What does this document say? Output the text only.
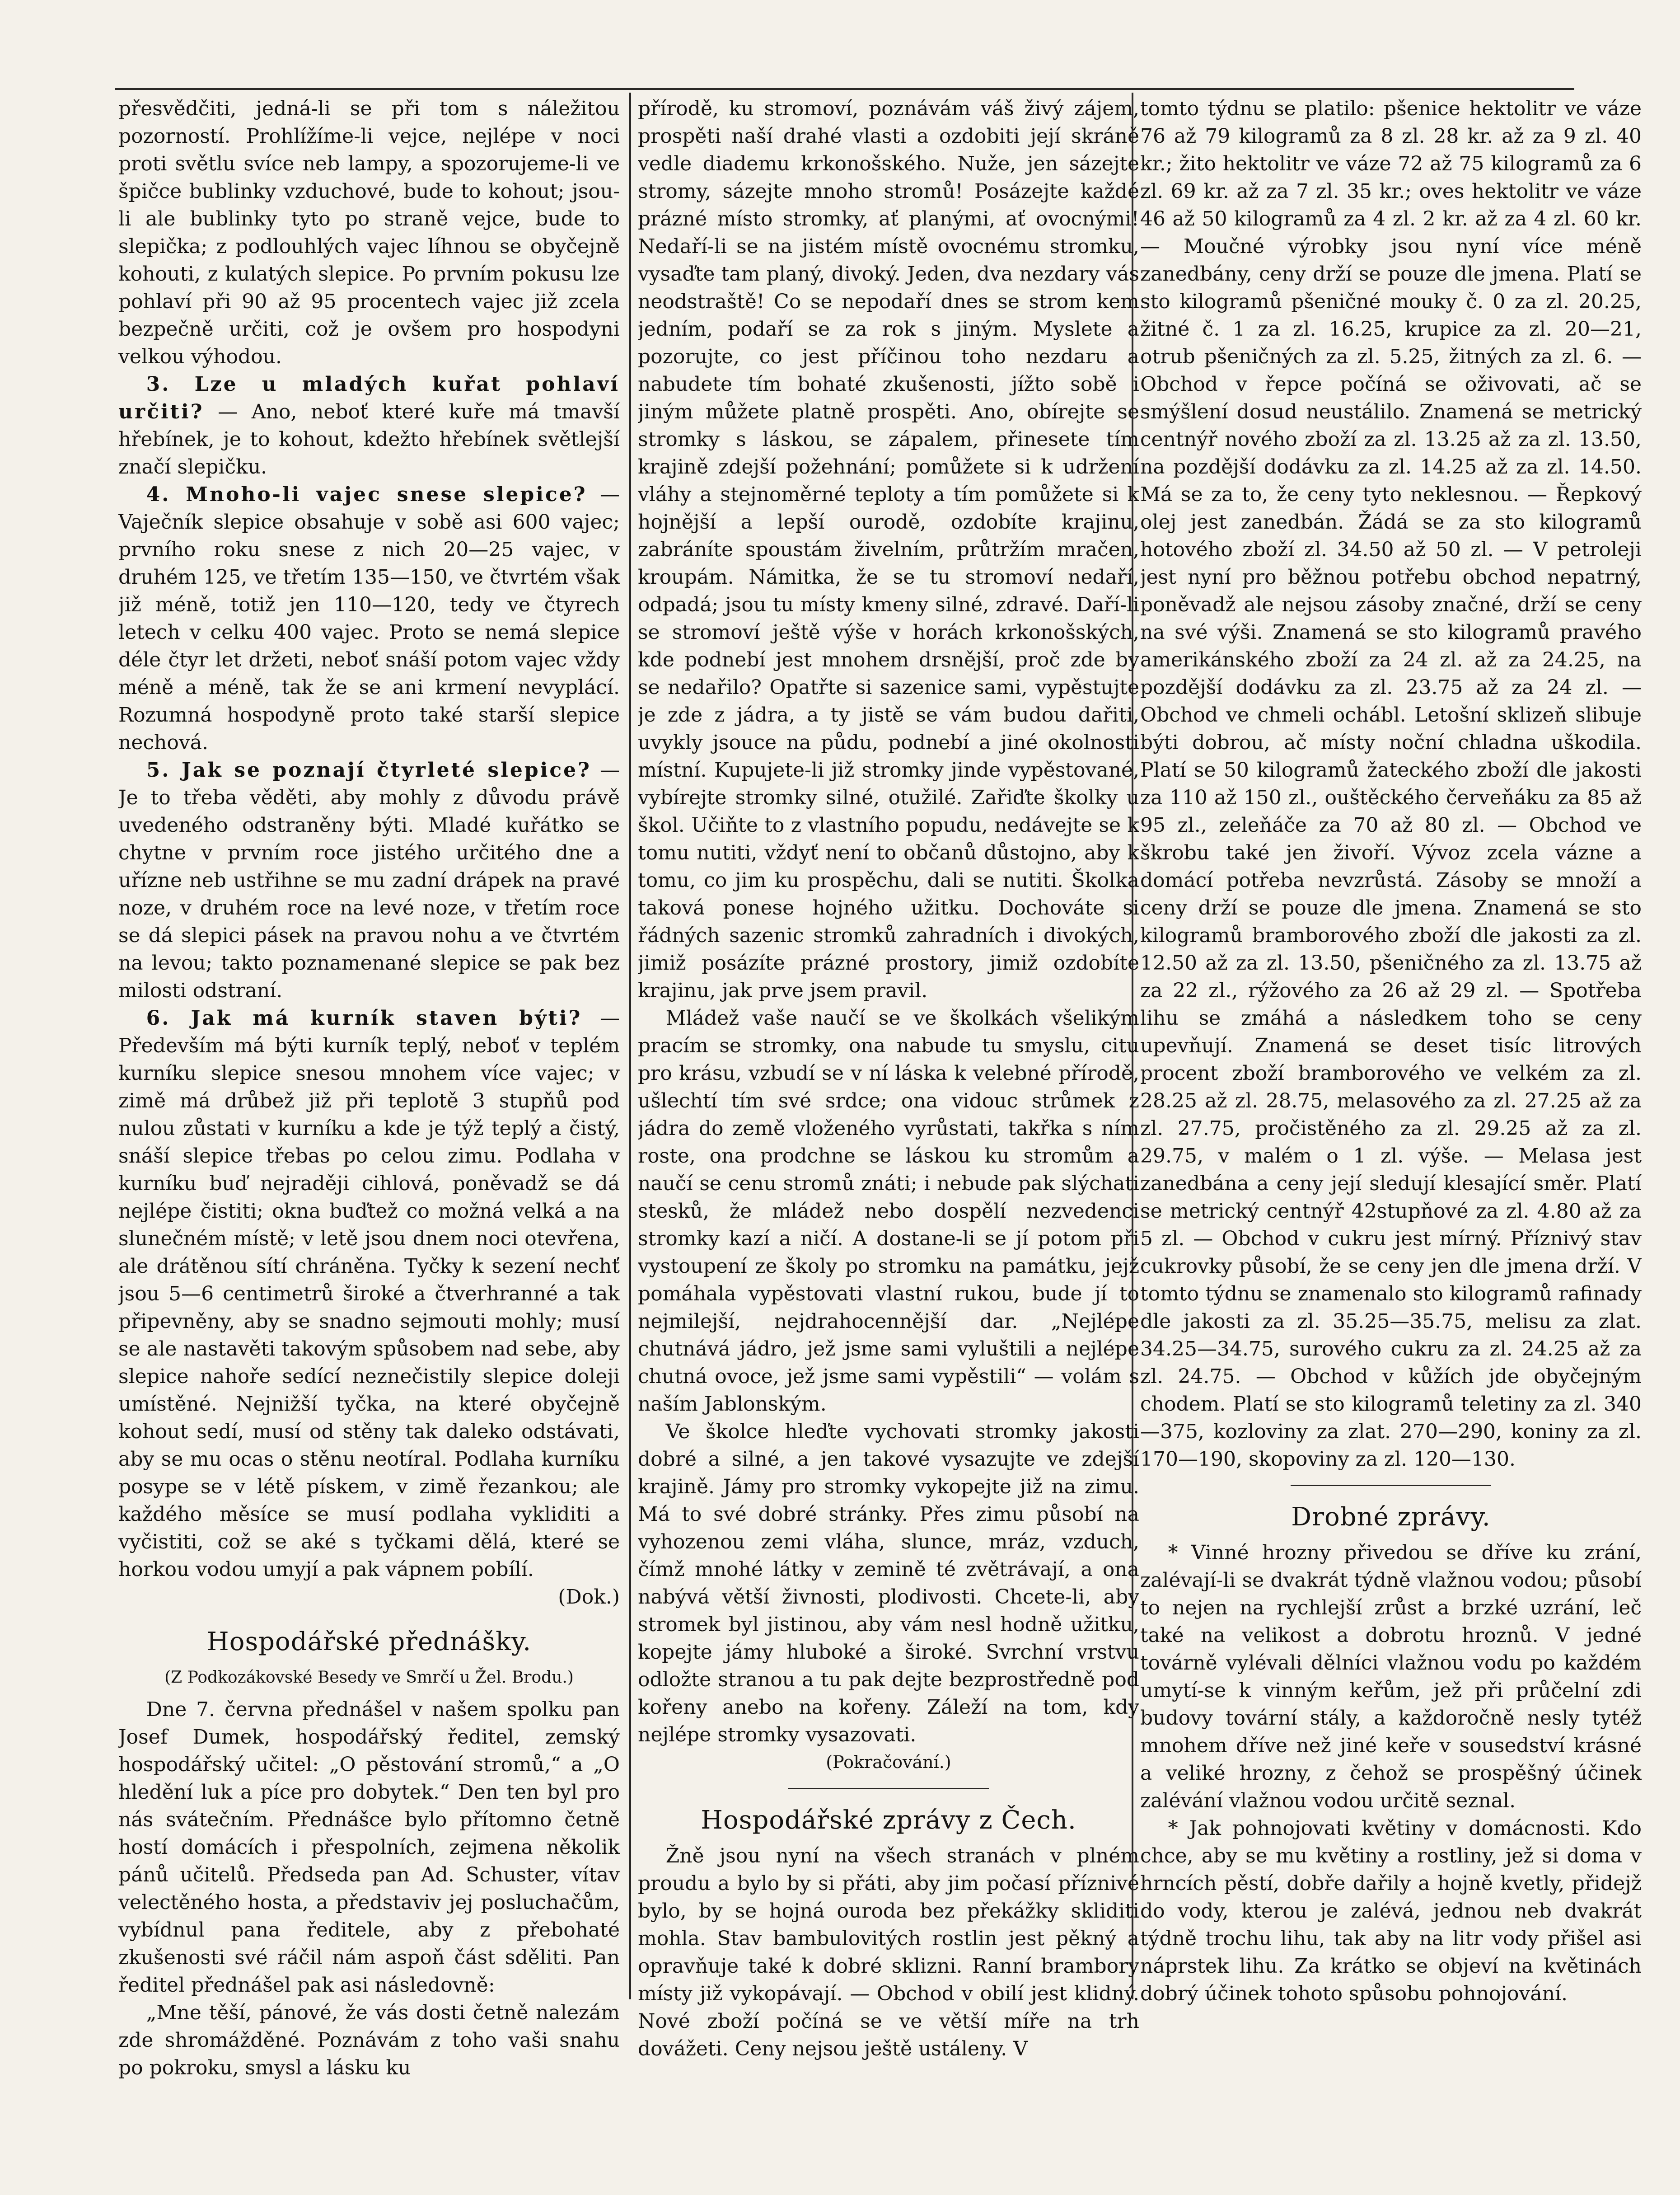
přesvědčiti, jedná-li se při tom s náležitou pozorností. Prohlížíme-li vejce, nejlépe v noci proti světlu svíce neb lampy, a spozorujeme-li ve špičce bublinky vzduchové, bude to kohout; jsou-li ale bublinky tyto po straně vejce, bude to slepička; z podlouhlých vajec líhnou se obyčejně kohouti, z kulatých slepice. Po prvním pokusu lze pohlaví při 90 až 95 procentech vajec již zcela bezpečně určiti, což je ovšem pro hospodyni velkou výhodou.

3. Lze u mladých kuřat pohlaví určiti? — Ano, neboť které kuře má tmavší hřebínek, je to kohout, kdežto hřebínek světlejší značí slepičku.

4. Mnoho-li vajec snese slepice? — Vaječník slepice obsahuje v sobě asi 600 vajec; prvního roku snese z nich 20—25 vajec, v druhém 125, ve třetím 135—150, ve čtvrtém však již méně, totiž jen 110—120, tedy ve čtyrech letech v celku 400 vajec. Proto se nemá slepice déle čtyr let držeti, neboť snáší potom vajec vždy méně a méně, tak že se ani krmení nevyplácí. Rozumná hospodyně proto také starší slepice nechová.

5. Jak se poznají čtyrleté slepice? — Je to třeba věděti, aby mohly z důvodu právě uvedeného odstraněny býti. Mladé kuřátko se chytne v prvním roce jistého určitého dne a uřízne neb ustřihne se mu zadní drápek na pravé noze, v druhém roce na levé noze, v třetím roce se dá slepici pásek na pravou nohu a ve čtvrtém na levou; takto poznamenané slepice se pak bez milosti odstraní.

6. Jak má kurník staven býti? — Především má býti kurník teplý, neboť v teplém kurníku slepice snesou mnohem více vajec; v zimě má drůbež již při teplotě 3 stupňů pod nulou zůstati v kurníku a kde je týž teplý a čistý, snáší slepice třebas po celou zimu. Podlaha v kurníku buď nejraději cihlová, poněvadž se dá nejlépe čistiti; okna buďtež co možná velká a na slunečném místě; v letě jsou dnem noci otevřena, ale drátěnou sítí chráněna. Tyčky k sezení nechť jsou 5—6 centimetrů široké a čtverhranné a tak připevněny, aby se snadno sejmouti mohly; musí se ale nastavěti takovým spůsobem nad sebe, aby slepice nahoře sedící neznečistily slepice doleji umístěné. Nejnižší tyčka, na které obyčejně kohout sedí, musí od stěny tak daleko odstávati, aby se mu ocas o stěnu neotíral. Podlaha kurníku posype se v létě pískem, v zimě řezankou; ale každého měsíce se musí podlaha vykliditi a vyčistiti, což se aké s tyčkami dělá, které se horkou vodou umyjí a pak vápnem pobílí.

(Dok.)

Hospodářské přednášky.

(Z Podkozákovské Besedy ve Smrčí u Žel. Brodu.)

Dne 7. června přednášel v našem spolku pan Josef Dumek, hospodářský ředitel, zemský hospodářský učitel: „O pěstování stromů,“ a „O hledění luk a píce pro dobytek.“ Den ten byl pro nás svátečním. Přednášce bylo přítomno četně hostí domácích i přespolních, zejmena několik pánů učitelů. Předseda pan Ad. Schuster, vítav velectěného hosta, a představiv jej posluchačům, vybídnul pana ředitele, aby z přebohaté zkušenosti své ráčil nám aspoň část sděliti. Pan ředitel přednášel pak asi následovně:

„Mne těší, pánové, že vás dosti četně nalezám zde shromážděné. Poznávám z toho vaši snahu po pokroku, smysl a lásku ku

přírodě, ku stromoví, poznávám váš živý zájem, prospěti naší drahé vlasti a ozdobiti její skráně vedle diademu krkonošského. Nuže, jen sázejte stromy, sázejte mnoho stromů! Posázejte každé prázné místo stromky, ať planými, ať ovocnými! Nedaří-li se na jistém místě ovocnému stromku, vysaďte tam planý, divoký. Jeden, dva nezdary vás neodstraště! Co se nepodaří dnes se strom kem jedním, podaří se za rok s jiným. Myslete a pozorujte, co jest příčinou toho nezdaru a nabudete tím bohaté zkušenosti, jížto sobě i jiným můžete platně prospěti. Ano, obírejte se stromky s láskou, se zápalem, přinesete tím krajině zdejší požehnání; pomůžete si k udržení vláhy a stejnoměrné teploty a tím pomůžete si k hojnější a lepší ourodě, ozdobíte krajinu, zabráníte spoustám živelním, průtržím mračen, kroupám. Námitka, že se tu stromoví nedaří, odpadá; jsou tu místy kmeny silné, zdravé. Daří-li se stromoví ještě výše v horách krkonošských, kde podnebí jest mnohem drsnější, proč zde by se nedařilo? Opatřte si sazenice sami, vypěstujte je zde z jádra, a ty jistě se vám budou dařiti, uvykly jsouce na půdu, podnebí a jiné okolnosti místní. Kupujete-li již stromky jinde vypěstované, vybírejte stromky silné, otužilé. Zařiďte školky u škol. Učiňte to z vlastního popudu, nedávejte se k tomu nutiti, vždyť není to občanů důstojno, aby k tomu, co jim ku prospěchu, dali se nutiti. Školka taková ponese hojného užitku. Dochováte si řádných sazenic stromků zahradních i divokých, jimiž posázíte prázné prostory, jimiž ozdobíte krajinu, jak prve jsem pravil.

Mládež vaše naučí se ve školkách všelikým pracím se stromky, ona nabude tu smyslu, citu pro krásu, vzbudí se v ní láska k velebné přírodě, ušlechtí tím své srdce; ona vidouc strůmek z jádra do země vloženého vyrůstati, takřka s ním roste, ona prodchne se láskou ku stromům a naučí se cenu stromů znáti; i nebude pak slýchati stesků, že mládež nebo dospělí nezvedenci stromky kazí a ničí. A dostane-li se jí potom při vystoupení ze školy po stromku na památku, jejž pomáhala vypěstovati vlastní rukou, bude jí to nejmilejší, nejdrahocennější dar. „Nejlépe chutnává jádro, jež jsme sami vyluštili a nejlépe chutná ovoce, jež jsme sami vypěstili“ — volám s naším Jablonským.

Ve školce hleďte vychovati stromky jakosti dobré a silné, a jen takové vysazujte ve zdejší krajině. Jámy pro stromky vykopejte již na zimu. Má to své dobré stránky. Přes zimu působí na vyhozenou zemi vláha, slunce, mráz, vzduch, čímž mnohé látky v zemině té zvětrávají, a ona nabývá větší živnosti, plodivosti. Chcete-li, aby stromek byl jistinou, aby vám nesl hodně užitku, kopejte jámy hluboké a široké. Svrchní vrstvu odložte stranou a tu pak dejte bezprostředně pod kořeny anebo na kořeny. Záleží na tom, kdy nejlépe stromky vysazovati.

(Pokračování.)

Hospodářské zprávy z Čech.

Žně jsou nyní na všech stranách v plném proudu a bylo by si přáti, aby jim počasí příznivé bylo, by se hojná ouroda bez překážky skliditi mohla. Stav bambulovitých rostlin jest pěkný a opravňuje také k dobré sklizni. Ranní brambory místy již vykopávají. — Obchod v obilí jest klidný. Nové zboží počíná se ve větší míře na trh dovážeti. Ceny nejsou ještě ustáleny. V

tomto týdnu se platilo: pšenice hektolitr ve váze 76 až 79 kilogramů za 8 zl. 28 kr. až za 9 zl. 40 kr.; žito hektolitr ve váze 72 až 75 kilogramů za 6 zl. 69 kr. až za 7 zl. 35 kr.; oves hektolitr ve váze 46 až 50 kilogramů za 4 zl. 2 kr. až za 4 zl. 60 kr. — Moučné výrobky jsou nyní více méně zanedbány, ceny drží se pouze dle jmena. Platí se sto kilogramů pšeničné mouky č. 0 za zl. 20.25, žitné č. 1 za zl. 16.25, krupice za zl. 20—21, otrub pšeničných za zl. 5.25, žitných za zl. 6. — Obchod v řepce počíná se oživovati, ač se smýšlení dosud neustálilo. Znamená se metrický centnýř nového zboží za zl. 13.25 až za zl. 13.50, na pozdější dodávku za zl. 14.25 až za zl. 14.50. Má se za to, že ceny tyto neklesnou. — Řepkový olej jest zanedbán. Žádá se za sto kilogramů hotového zboží zl. 34.50 až 50 zl. — V petroleji jest nyní pro běžnou potřebu obchod nepatrný, poněvadž ale nejsou zásoby značné, drží se ceny na své výši. Znamená se sto kilogramů pravého amerikánského zboží za 24 zl. až za 24.25, na pozdější dodávku za zl. 23.75 až za 24 zl. — Obchod ve chmeli ochábl. Letošní sklizeň slibuje býti dobrou, ač místy noční chladna uškodila. Platí se 50 kilogramů žateckého zboží dle jakosti za 110 až 150 zl., ouštěckého červeňáku za 85 až 95 zl., zeleňáče za 70 až 80 zl. — Obchod ve škrobu také jen živoří. Vývoz zcela vázne a domácí potřeba nevzrůstá. Zásoby se množí a ceny drží se pouze dle jmena. Znamená se sto kilogramů bramborového zboží dle jakosti za zl. 12.50 až za zl. 13.50, pšeničného za zl. 13.75 až za 22 zl., rýžového za 26 až 29 zl. — Spotřeba lihu se zmáhá a následkem toho se ceny upevňují. Znamená se deset tisíc litrových procent zboží bramborového ve velkém za zl. 28.25 až zl. 28.75, melasového za zl. 27.25 až za zl. 27.75, pročistěného za zl. 29.25 až za zl. 29.75, v malém o 1 zl. výše. — Melasa jest zanedbána a ceny její sledují klesající směr. Platí se metrický centnýř 42stupňové za zl. 4.80 až za 5 zl. — Obchod v cukru jest mírný. Příznivý stav cukrovky působí, že se ceny jen dle jmena drží. V tomto týdnu se znamenalo sto kilogramů rafinady dle jakosti za zl. 35.25—35.75, melisu za zlat. 34.25—34.75, surového cukru za zl. 24.25 až za zl. 24.75. — Obchod v kůžích jde obyčejným chodem. Platí se sto kilogramů teletiny za zl. 340—375, kozloviny za zlat. 270—290, koniny za zl. 170—190, skopoviny za zl. 120—130.

Drobné zprávy.

* Vinné hrozny přivedou se dříve ku zrání, zalévají-li se dvakrát týdně vlažnou vodou; působí to nejen na rychlejší zrůst a brzké uzrání, leč také na velikost a dobrotu hroznů. V jedné továrně vylévali dělníci vlažnou vodu po každém umytí-se k vinným keřům, jež při průčelní zdi budovy tovární stály, a každoročně nesly tytéž mnohem dříve než jiné keře v sousedství krásné a veliké hrozny, z čehož se prospěšný účinek zalévání vlažnou vodou určitě seznal.

* Jak pohnojovati květiny v domácnosti. Kdo chce, aby se mu květiny a rostliny, jež si doma v hrncích pěstí, dobře dařily a hojně kvetly, přidejž do vody, kterou je zalévá, jednou neb dvakrát týdně trochu lihu, tak aby na litr vody přišel asi náprstek lihu. Za krátko se objeví na květinách dobrý účinek tohoto spůsobu pohnojování.
